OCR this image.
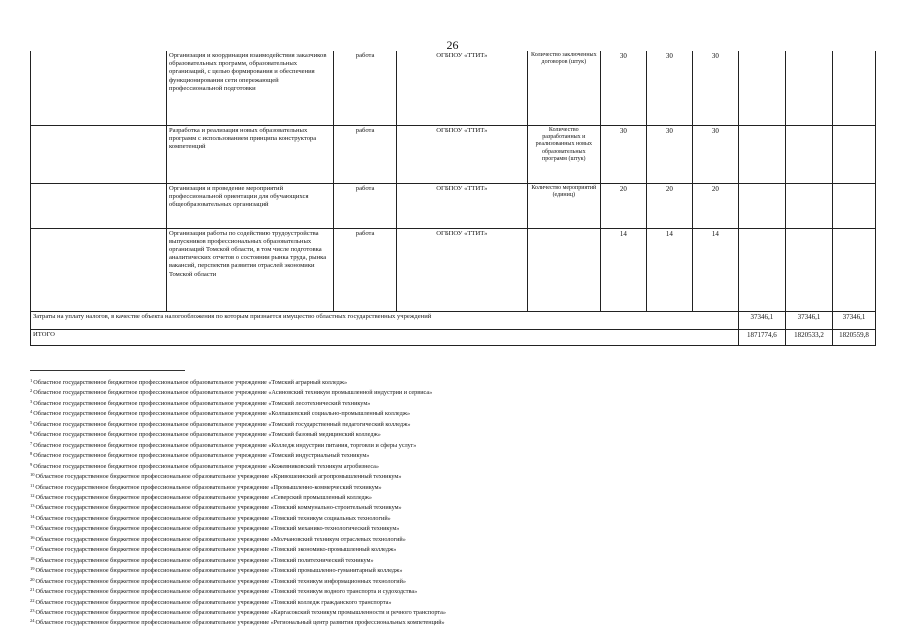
26
	Организация и координация взаимодействия заказчиков образовательных программ, образовательных организаций, с целью формирования и обеспечения функционирования сети опережающей профессиональной подготовки	работа	ОГБПОУ «ТТИТ»	Количество заключенных договоров (штук)	30	30	30			
	Разработка и реализация новых образовательных программ с использованием принципа конструктора компетенций	работа	ОГБПОУ «ТТИТ»	Количество разработанных и реализованных новых образовательных программ (штук)	30	30	30			
	Организация и проведение мероприятий профессиональной ориентации для обучающихся общеобразовательных организаций	работа	ОГБПОУ «ТТИТ»	Количество мероприятий (единиц)	20	20	20			
	Организация работы по содействию трудоустройства выпускников профессиональных образовательных организаций Томской области, в том числе подготовка аналитических отчетов о состоянии рынка труда, рынка вакансий, перспектив развития отраслей экономики Томской области	работа	ОГБПОУ «ТТИТ»		14	14	14			
Затраты на уплату налогов, в качестве объекта налогообложения по которым признается имущество областных государственных учреждений								37346,1	37346,1	37346,1
ИТОГО								1871774,6	1820533,2	1820559,8
$^1$Областное государственное бюджетное профессиональное образовательное учреждение «Томский аграрный колледж»
$^2$Областное государственное бюджетное профессиональное образовательное учреждение «Асиновский техникум промышленной индустрии и сервиса»
$^3$Областное государственное бюджетное профессиональное образовательное учреждение «Томский лесотехнический техникум»
$^4$Областное государственное бюджетное профессиональное образовательное учреждение «Колпашевский социально-промышленный колледж»
$^5$Областное государственное бюджетное профессиональное образовательное учреждение «Томский государственный педагогический колледж»
$^6$Областное государственное бюджетное профессиональное образовательное учреждение «Томский базовый медицинский колледж»
$^7$Областное государственное бюджетное профессиональное образовательное учреждение «Колледж индустрии питания, торговли и сферы услуг»
$^8$Областное государственное бюджетное профессиональное образовательное учреждение «Томский индустриальный техникум»
$^9$Областное государственное бюджетное профессиональное образовательное учреждение «Кожевниковский техникум агробизнеса»
$^{10}$Областное государственное бюджетное профессиональное образовательное учреждение «Кривошеинский агропромышленный техникум»
$^{11}$Областное государственное бюджетное профессиональное образовательное учреждение «Промышленно-коммерческий техникум»
$^{12}$Областное государственное бюджетное профессиональное образовательное учреждение «Северский промышленный колледж»
$^{13}$Областное государственное бюджетное профессиональное образовательное учреждение «Томский коммунально-строительный техникум»
$^{14}$Областное государственное бюджетное профессиональное образовательное учреждение «Томский техникум социальных технологий»
$^{15}$Областное государственное бюджетное профессиональное образовательное учреждение «Томский механико-технологический техникум»
$^{16}$Областное государственное бюджетное профессиональное образовательное учреждение «Молчановский техникум отраслевых технологий»
$^{17}$Областное государственное бюджетное профессиональное образовательное учреждение «Томский экономико-промышленный колледж»
$^{18}$Областное государственное бюджетное профессиональное образовательное учреждение «Томский политехнический техникум»
$^{19}$Областное государственное бюджетное профессиональное образовательное учреждение «Томский промышленно-гуманитарный колледж»
$^{20}$Областное государственное бюджетное профессиональное образовательное учреждение «Томский техникум информационных технологий»
$^{21}$Областное государственное бюджетное профессиональное образовательное учреждение «Томский техникум водного транспорта и судоходства»
$^{22}$Областное государственное бюджетное профессиональное образовательное учреждение «Томский колледж гражданского транспорта»
$^{23}$Областное государственное бюджетное профессиональное образовательное учреждение «Каргасокский техникум промышленности и речного транспорта»
$^{24}$Областное государственное бюджетное профессиональное образовательное учреждение «Региональный центр развития профессиональных компетенций»
